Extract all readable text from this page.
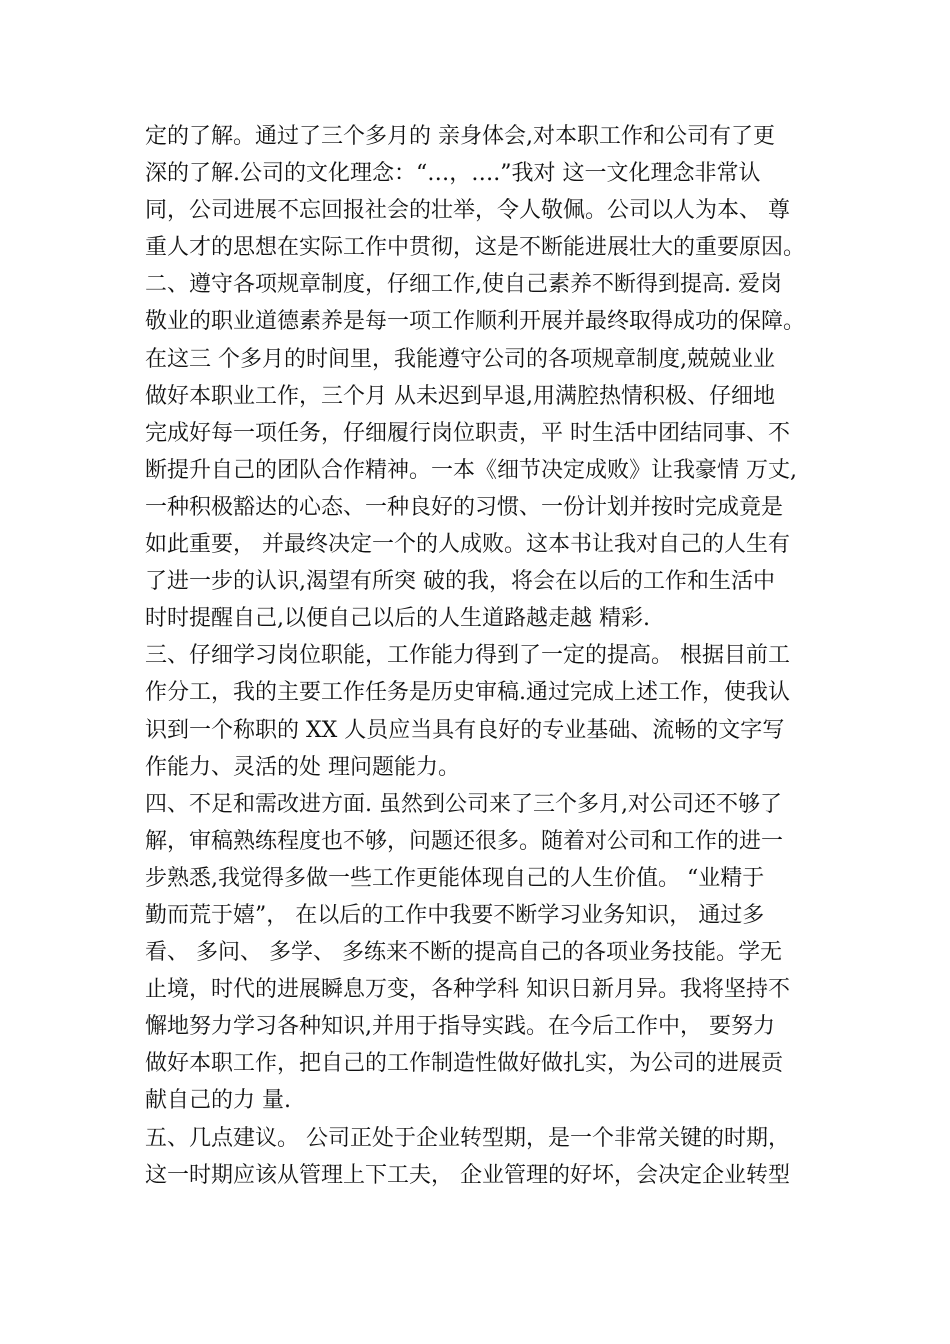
定的了解。通过了三个多月的 亲身体会,对本职工作和公司有了更
深的了解.公司的文化理念：“…，….”我对 这一文化理念非常认
同，公司进展不忘回报社会的壮举，令人敬佩。公司以人为本、 尊
重人才的思想在实际工作中贯彻，这是不断能进展壮大的重要原因。
二、遵守各项规章制度，仔细工作,使自己素养不断得到提高. 爱岗
敬业的职业道德素养是每一项工作顺利开展并最终取得成功的保障。
在这三 个多月的时间里，我能遵守公司的各项规章制度,兢兢业业
做好本职业工作，三个月 从未迟到早退,用满腔热情积极、仔细地
完成好每一项任务，仔细履行岗位职责，平 时生活中团结同事、不
断提升自己的团队合作精神。一本《细节决定成败》让我豪情 万丈,
一种积极豁达的心态、一种良好的习惯、一份计划并按时完成竟是
如此重要， 并最终决定一个的人成败。这本书让我对自己的人生有
了进一步的认识,渴望有所突 破的我，将会在以后的工作和生活中
时时提醒自己,以便自己以后的人生道路越走越 精彩.
三、仔细学习岗位职能，工作能力得到了一定的提高。 根据目前工
作分工，我的主要工作任务是历史审稿.通过完成上述工作，使我认
识到一个称职的 XX 人员应当具有良好的专业基础、流畅的文字写
作能力、灵活的处 理问题能力。
四、不足和需改进方面. 虽然到公司来了三个多月,对公司还不够了
解，审稿熟练程度也不够，问题还很多。随着对公司和工作的进一
步熟悉,我觉得多做一些工作更能体现自己的人生价值。 “业精于
勤而荒于嬉”， 在以后的工作中我要不断学习业务知识， 通过多
看、 多问、 多学、 多练来不断的提高自己的各项业务技能。学无
止境，时代的进展瞬息万变，各种学科 知识日新月异。我将坚持不
懈地努力学习各种知识,并用于指导实践。在今后工作中， 要努力
做好本职工作，把自己的工作制造性做好做扎实，为公司的进展贡
献自己的力 量.
五、几点建议。 公司正处于企业转型期，是一个非常关键的时期，
这一时期应该从管理上下工夫， 企业管理的好坏，会决定企业转型
